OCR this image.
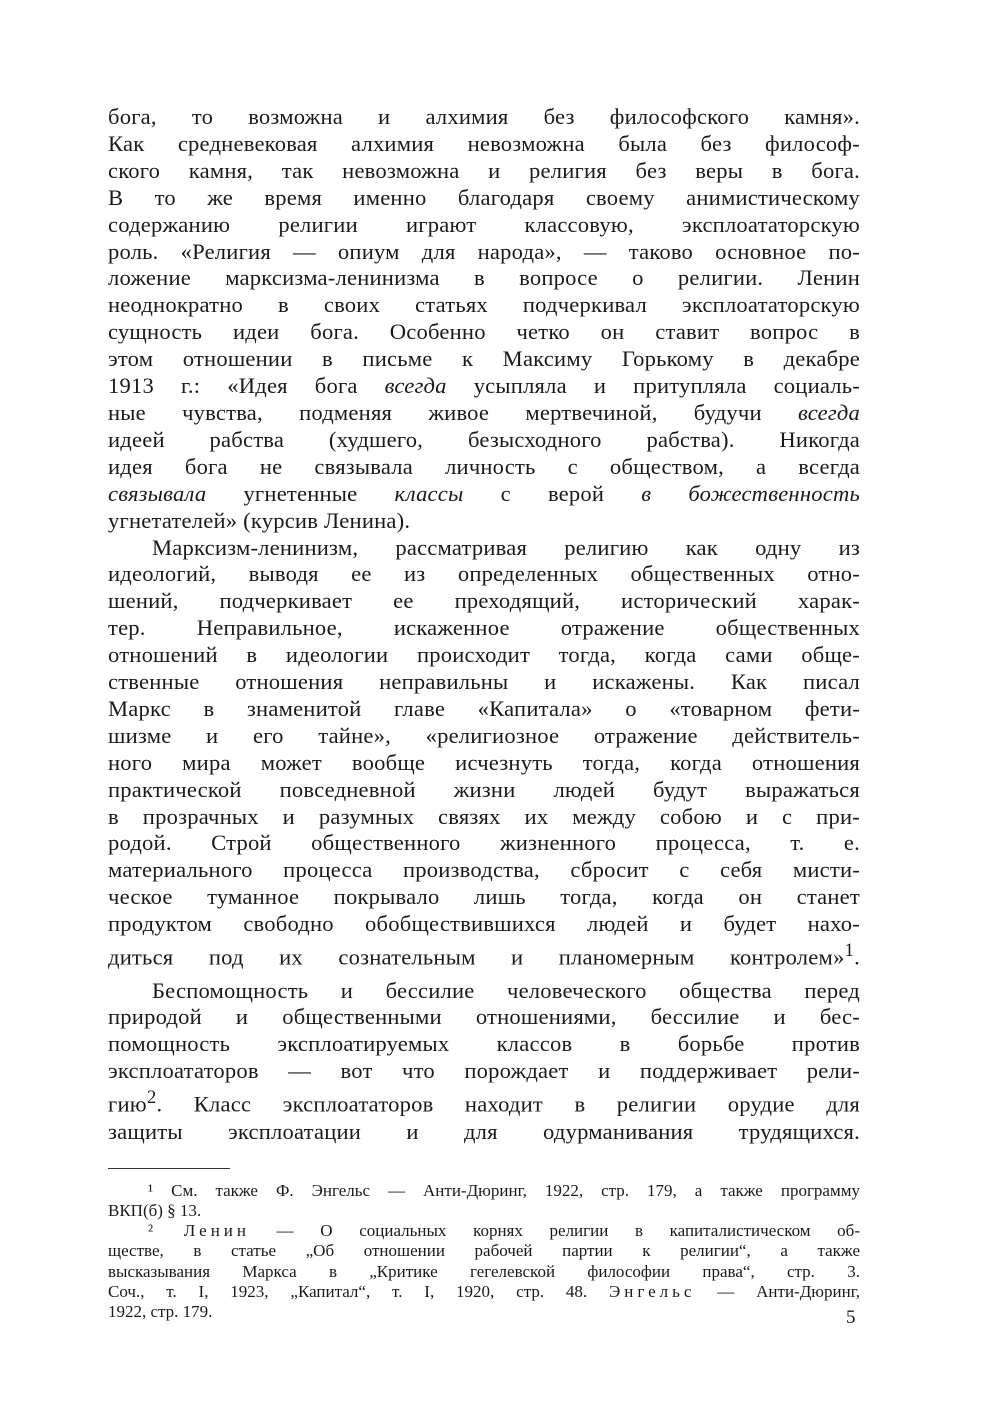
бога, то возможна и алхимия без философского камня».
Как средневековая алхимия невозможна была без философ-
ского камня, так невозможна и религия без веры в бога.
В то же время именно благодаря своему анимистическому
содержанию религии играют классовую, эксплоататорскую
роль. «Религия — опиум для народа», — таково основное по-
ложение марксизма-ленинизма в вопросе о религии. Ленин
неоднократно в своих статьях подчеркивал эксплоататорскую
сущность идеи бога. Особенно четко он ставит вопрос в
этом отношении в письме к Максиму Горькому в декабре
1913 г.: «Идея бога всегда усыпляла и притупляла социаль-
ные чувства, подменяя живое мертвечиной, будучи всегда
идеей рабства (худшего, безысходного рабства). Никогда
идея бога не связывала личность с обществом, а всегда
связывала угнетенные классы с верой в божественность
угнетателей» (курсив Ленина).

Марксизм-ленинизм, рассматривая религию как одну из
идеологий, выводя ее из определенных общественных отно-
шений, подчеркивает ее преходящий, исторический харак-
тер. Неправильное, искаженное отражение общественных
отношений в идеологии происходит тогда, когда сами обще-
ственные отношения неправильны и искажены. Как писал
Маркс в знаменитой главе «Капитала» о «товарном фети-
шизме и его тайне», «религиозное отражение действитель-
ного мира может вообще исчезнуть тогда, когда отношения
практической повседневной жизни людей будут выражаться
в прозрачных и разумных связях их между собою и с при-
родой. Строй общественного жизненного процесса, т. е.
материального процесса производства, сбросит с себя мисти-
ческое туманное покрывало лишь тогда, когда он станет
продуктом свободно обобществившихся людей и будет нахо-
диться под их сознательным и планомерным контролем»$^1$.

Беспомощность и бессилие человеческого общества перед
природой и общественными отношениями, бессилие и бес-
помощность эксплоатируемых классов в борьбе против
эксплоататоров — вот что порождает и поддерживает рели-
гию$^2$. Класс эксплоататоров находит в религии орудие для
защиты эксплоатации и для одурманивания трудящихся.

¹ См. также Ф. Энгельс — Анти-Дюринг, 1922, стр. 179, а также программу
ВКП(б) § 13.
² Ленин — О социальных корнях религии в капиталистическом об-
ществе, в статье „Об отношении рабочей партии к религии“, а также
высказывания Маркса в „Критике гегелевской философии права“, стр. 3.
Соч., т. I, 1923, „Капитал“, т. I, 1920, стр. 48. Энгельс — Анти-Дюринг,
1922, стр. 179.	5
